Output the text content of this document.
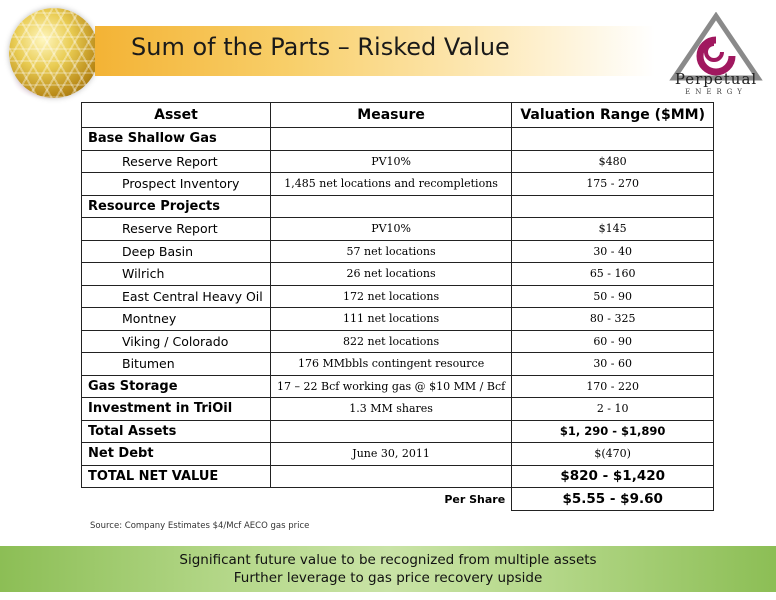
Sum of the Parts – Risked Value
Perpetual
ENERGY
Asset	Measure	Valuation Range ($MM)
Base Shallow Gas		
Reserve Report	PV10%	$480
Prospect Inventory	1,485 net locations and recompletions	175 - 270
Resource Projects		
Reserve Report	PV10%	$145
Deep Basin	57 net locations	30 - 40
Wilrich	26 net locations	65 - 160
East Central Heavy Oil	172 net locations	50 - 90
Montney	111 net locations	80 - 325
Viking / Colorado	822 net locations	60 - 90
Bitumen	176 MMbbls contingent resource	30 - 60
Gas Storage	17 – 22 Bcf working gas @ $10 MM / Bcf	170 - 220
Investment in TriOil	1.3 MM shares	2 - 10
Total Assets		$1, 290 - $1,890
Net Debt	June 30, 2011	$(470)
TOTAL NET VALUE		$820 - $1,420
	Per Share	$5.55 - $9.60
Source: Company Estimates $4/Mcf AECO gas price
Significant future value to be recognized from multiple assets
Further leverage to gas price recovery upside
